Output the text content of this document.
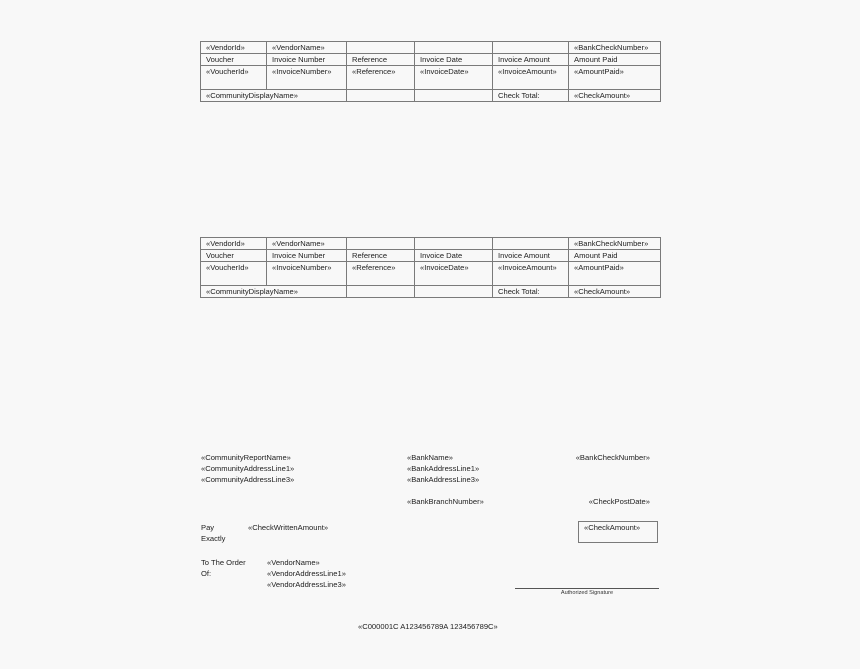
«VendorId»	«VendorName»				«BankCheckNumber»
Voucher	Invoice Number	Reference	Invoice Date	Invoice Amount	Amount Paid
«VoucherId»	«InvoiceNumber»	«Reference»	«InvoiceDate»	«InvoiceAmount»	«AmountPaid»
«CommunityDisplayName»				Check Total:	«CheckAmount»
«VendorId»	«VendorName»				«BankCheckNumber»
Voucher	Invoice Number	Reference	Invoice Date	Invoice Amount	Amount Paid
«VoucherId»	«InvoiceNumber»	«Reference»	«InvoiceDate»	«InvoiceAmount»	«AmountPaid»
«CommunityDisplayName»				Check Total:	«CheckAmount»
«CommunityReportName»
«CommunityAddressLine1»
«CommunityAddressLine3»
«BankName»
«BankAddressLine1»
«BankAddressLine3»
«BankBranchNumber»
«BankCheckNumber»
«CheckPostDate»
Pay
Exactly
«CheckWrittenAmount»	«CheckAmount»
To The Order
Of:
«VendorName»
«VendorAddressLine1»
«VendorAddressLine3»
Authorized Signature
«C000001C A123456789A 123456789C»
